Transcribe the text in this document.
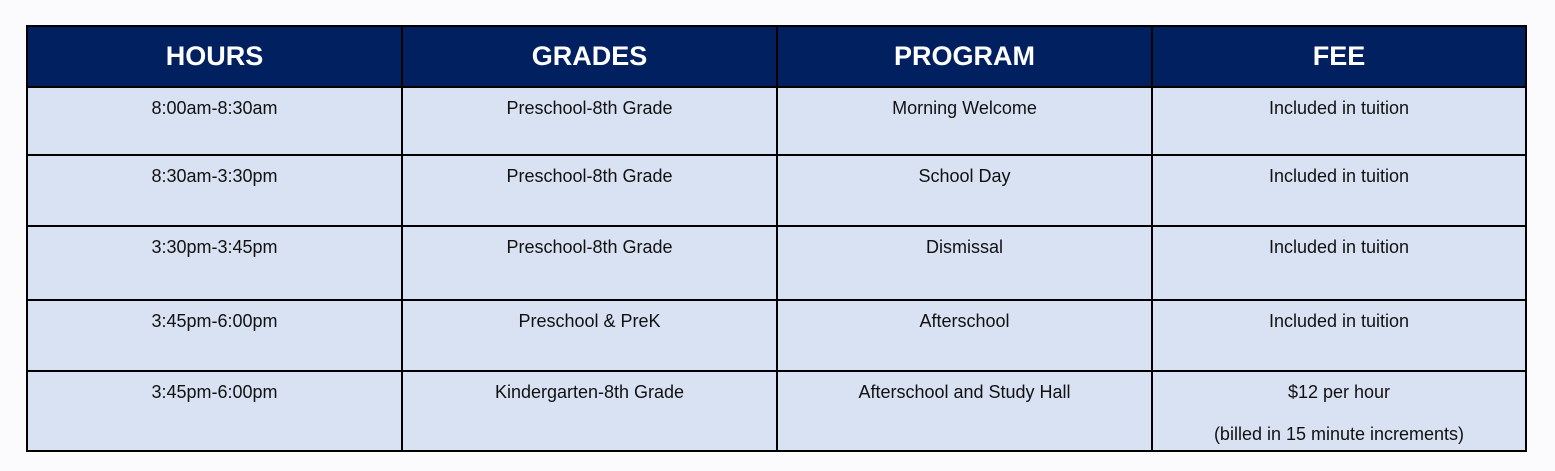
HOURS	GRADES	PROGRAM	FEE
8:00am-8:30am	Preschool-8th Grade	Morning Welcome	Included in tuition
8:30am-3:30pm	Preschool-8th Grade	School Day	Included in tuition
3:30pm-3:45pm	Preschool-8th Grade	Dismissal	Included in tuition
3:45pm-6:00pm	Preschool & PreK	Afterschool	Included in tuition
3:45pm-6:00pm	Kindergarten-8th Grade	Afterschool and Study Hall	$12 per hour
(billed in 15 minute increments)
